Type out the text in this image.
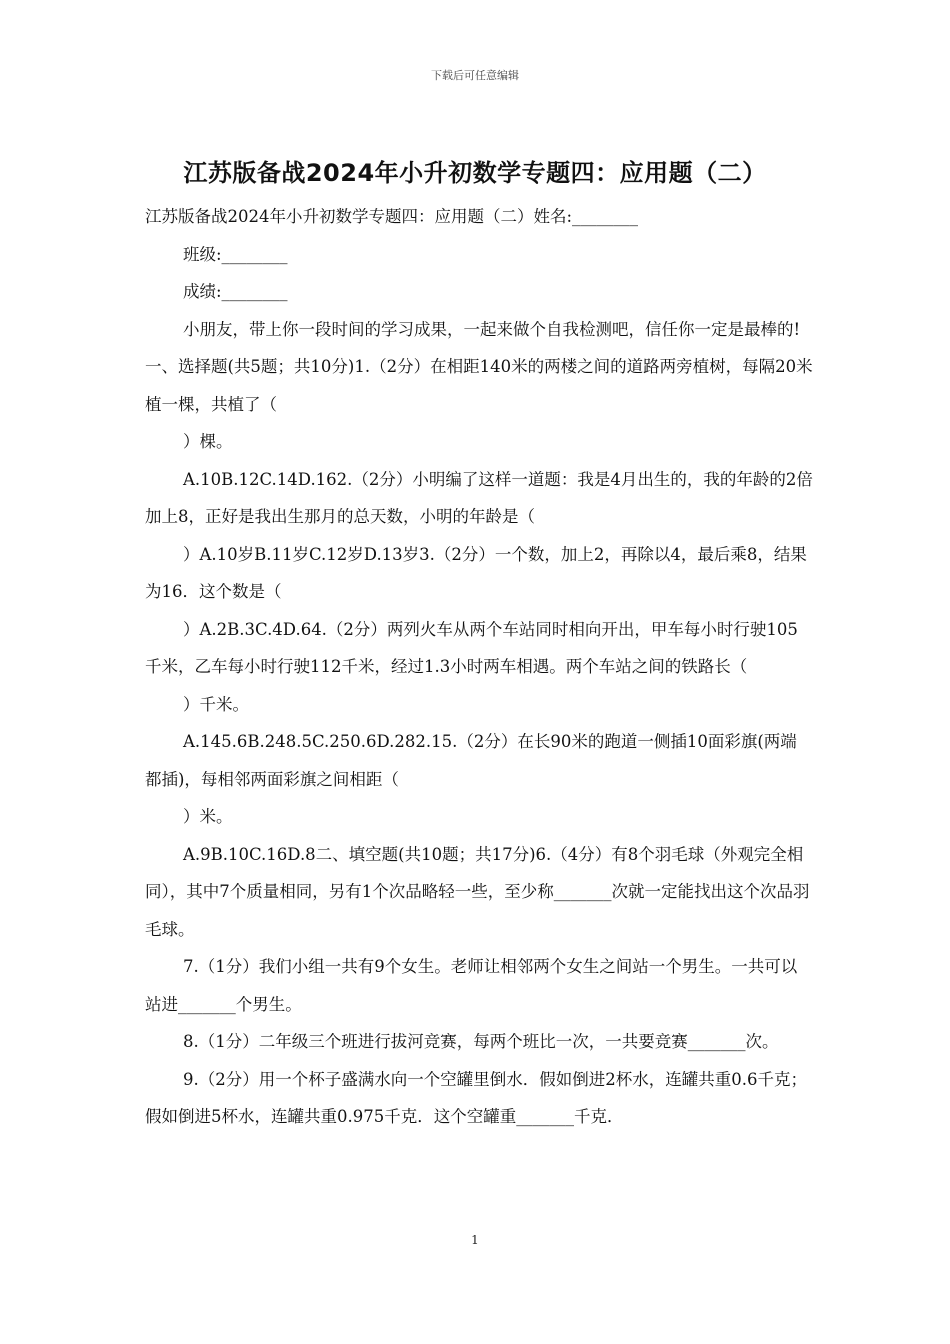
下载后可任意编辑
江苏版备战2024年小升初数学专题四：应用题（二）

江苏版备战2024年小升初数学专题四：应用题（二）姓名:________

班级:________

成绩:________

小朋友，带上你一段时间的学习成果，一起来做个自我检测吧，信任你一定是最棒的!一、选择题(共5题；共10分)1.（2分）在相距140米的两楼之间的道路两旁植树，每隔20米植一棵，共植了（

）棵。

A.10B.12C.14D.162.（2分）小明编了这样一道题：我是4月出生的，我的年龄的2倍加上8，正好是我出生那月的总天数，小明的年龄是（

）A.10岁B.11岁C.12岁D.13岁3.（2分）一个数，加上2，再除以4，最后乘8，结果为16．这个数是（

）A.2B.3C.4D.64.（2分）两列火车从两个车站同时相向开出，甲车每小时行驶105千米，乙车每小时行驶112千米，经过1.3小时两车相遇。两个车站之间的铁路长（

）千米。

A.145.6B.248.5C.250.6D.282.15.（2分）在长90米的跑道一侧插10面彩旗(两端都插)，每相邻两面彩旗之间相距（

）米。

A.9B.10C.16D.8二、填空题(共10题；共17分)6.（4分）有8个羽毛球（外观完全相同），其中7个质量相同，另有1个次品略轻一些，至少称_______次就一定能找出这个次品羽毛球。

7.（1分）我们小组一共有9个女生。老师让相邻两个女生之间站一个男生。一共可以站进_______个男生。

8.（1分）二年级三个班进行拔河竞赛，每两个班比一次，一共要竞赛_______次。

9.（2分）用一个杯子盛满水向一个空罐里倒水．假如倒进2杯水，连罐共重0.6千克；假如倒进5杯水，连罐共重0.975千克．这个空罐重_______千克．

1
